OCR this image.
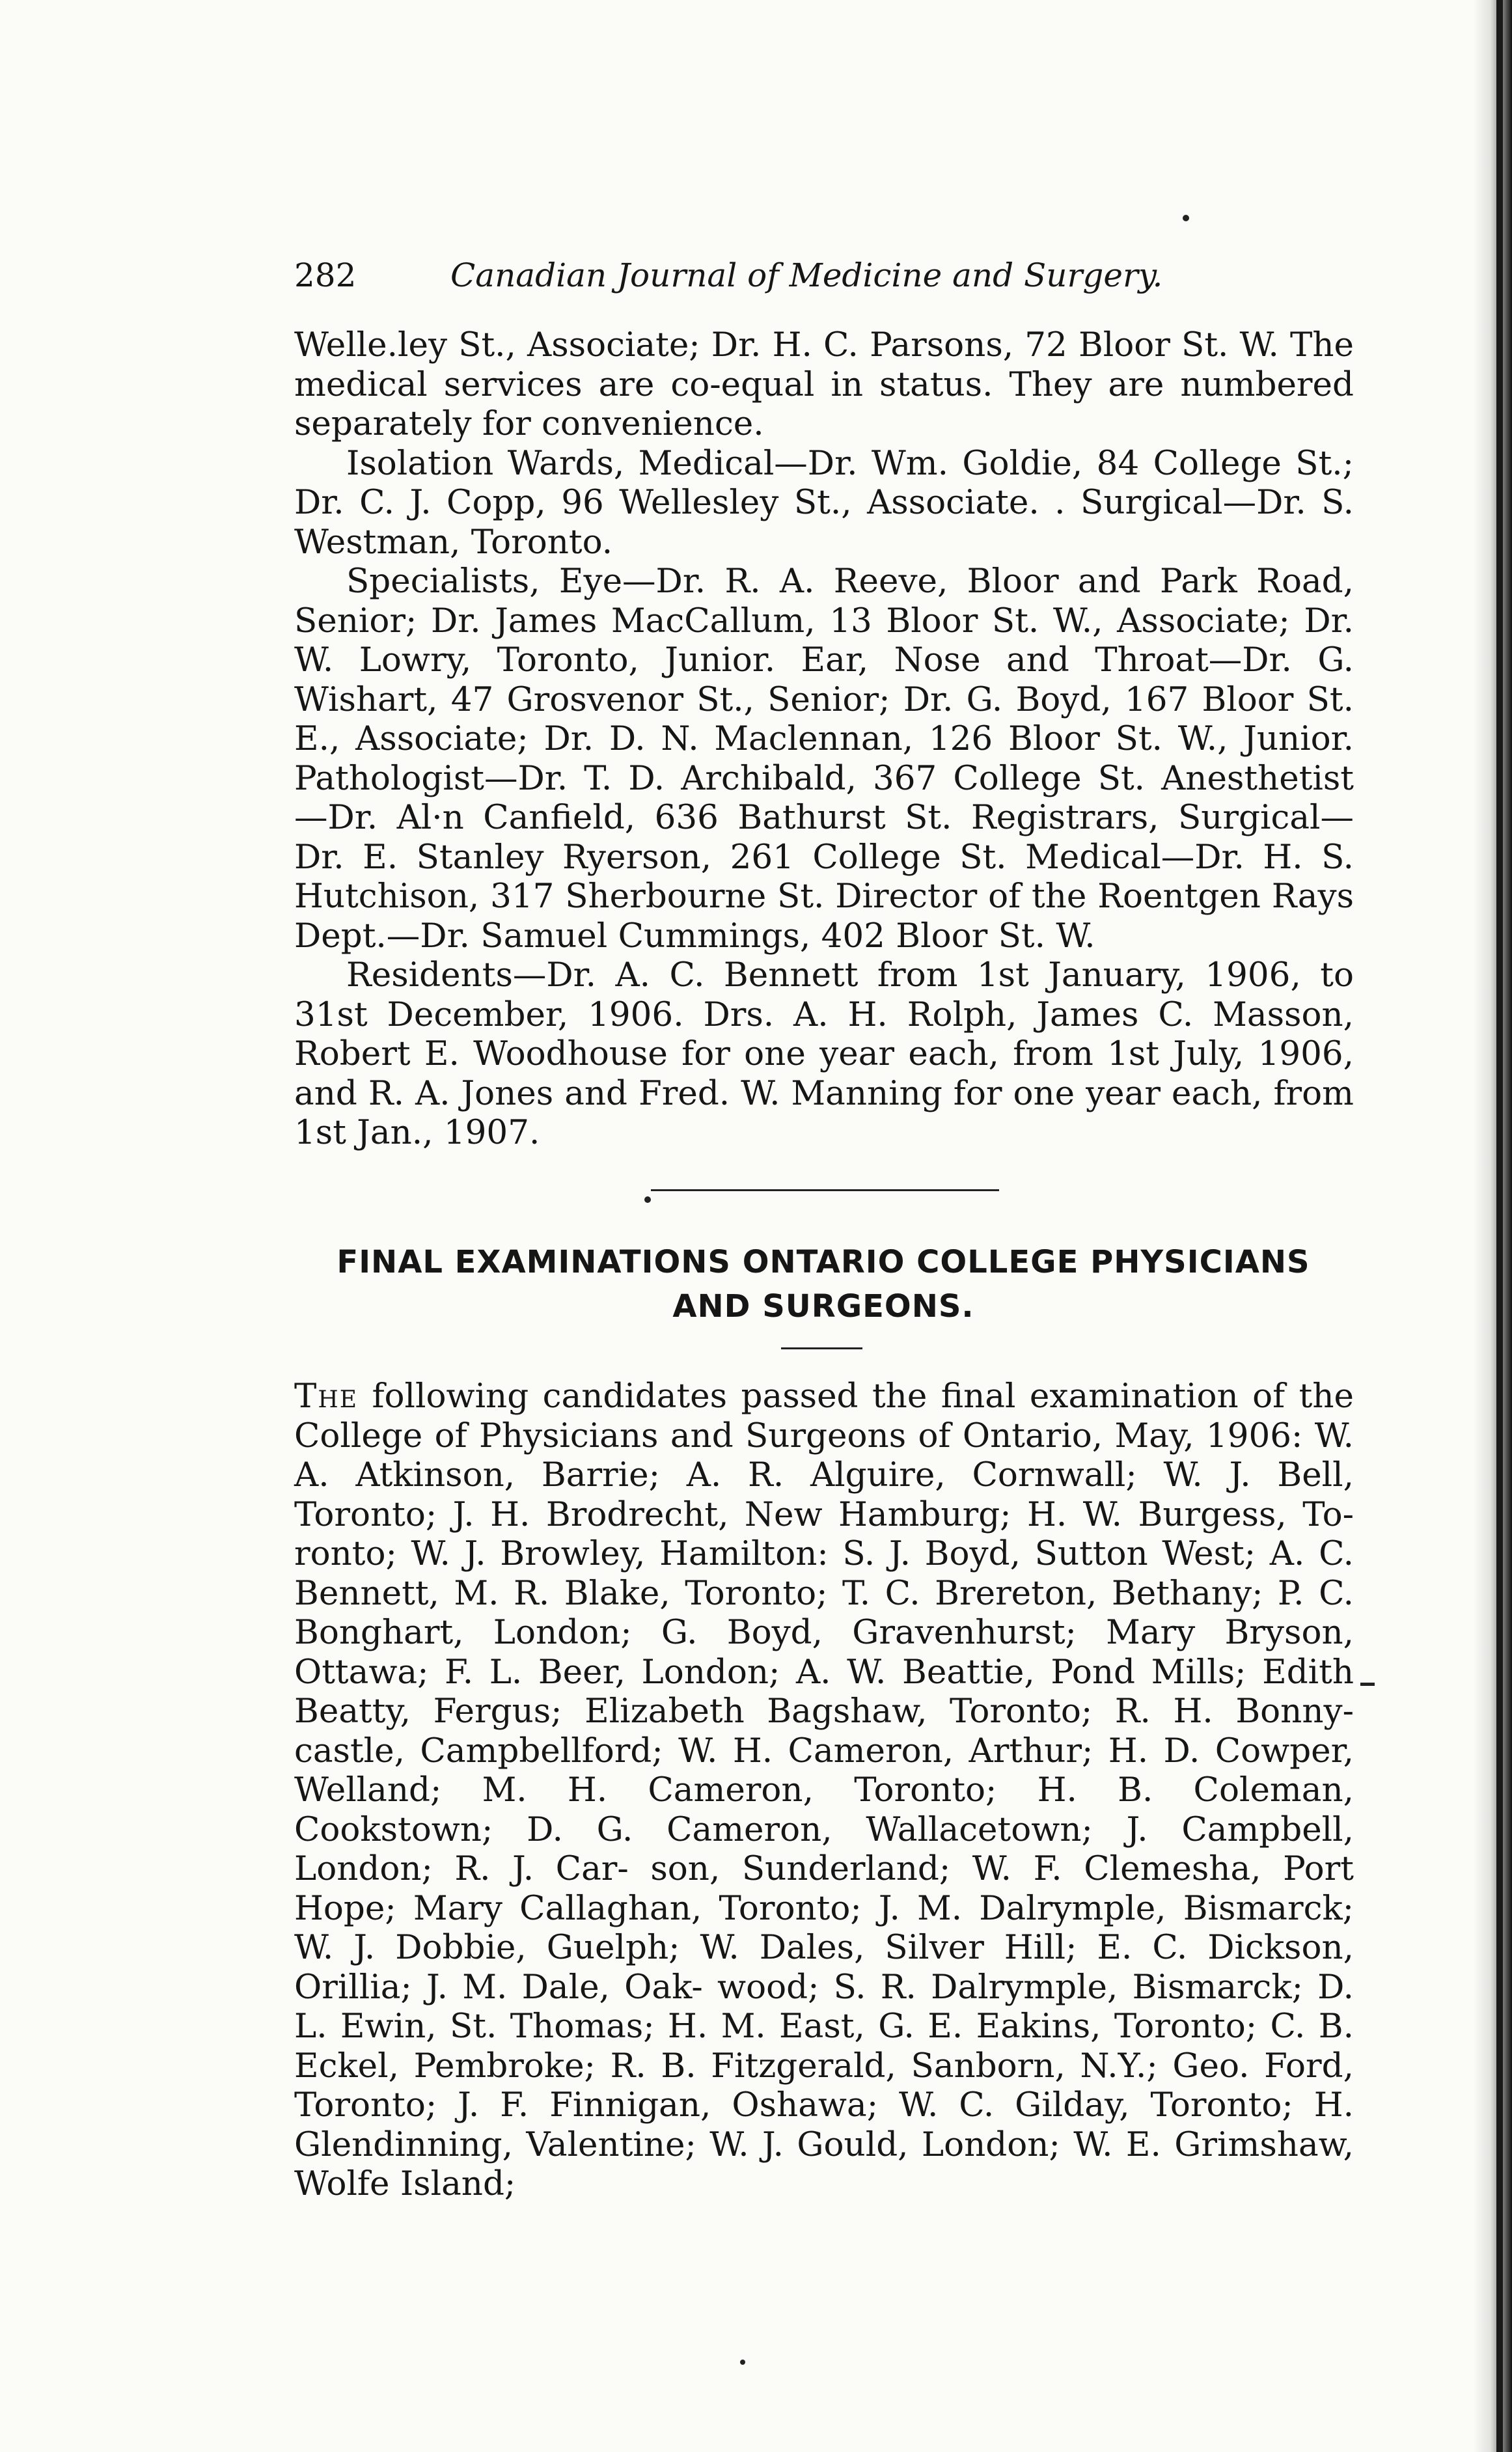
282	Canadian Journal of Medicine and Surgery.

Welle.ley St., Associate; Dr. H. C. Parsons, 72 Bloor St. W. The medical services are co-equal in status. They are numbered separately for convenience.

Isolation Wards, Medical—Dr. Wm. Goldie, 84 College St.; Dr. C. J. Copp, 96 Wellesley St., Associate. . Surgical—Dr. S. Westman, Toronto.

Specialists, Eye—Dr. R. A. Reeve, Bloor and Park Road, Senior; Dr. James MacCallum, 13 Bloor St. W., Associate; Dr. W. Lowry, Toronto, Junior. Ear, Nose and Throat—Dr. G. Wishart, 47 Grosvenor St., Senior; Dr. G. Boyd, 167 Bloor St. E., Associate; Dr. D. N. Maclennan, 126 Bloor St. W., Junior. Pathologist—Dr. T. D. Archibald, 367 College St. Anesthetist —Dr. Al·n Canfield, 636 Bathurst St. Registrars, Surgical— Dr. E. Stanley Ryerson, 261 College St. Medical—Dr. H. S. Hutchison, 317 Sherbourne St. Director of the Roentgen Rays Dept.—Dr. Samuel Cummings, 402 Bloor St. W.

Residents—Dr. A. C. Bennett from 1st January, 1906, to 31st December, 1906. Drs. A. H. Rolph, James C. Masson, Robert E. Woodhouse for one year each, from 1st July, 1906, and R. A. Jones and Fred. W. Manning for one year each, from 1st Jan., 1907.

FINAL EXAMINATIONS ONTARIO COLLEGE PHYSICIANS
AND SURGEONS.

The following candidates passed the final examination of the College of Physicians and Surgeons of Ontario, May, 1906: W. A. Atkinson, Barrie; A. R. Alguire, Cornwall; W. J. Bell, Toronto; J. H. Brodrecht, New Hamburg; H. W. Burgess, To- ronto; W. J. Browley, Hamilton: S. J. Boyd, Sutton West; A. C. Bennett, M. R. Blake, Toronto; T. C. Brereton, Bethany; P. C. Bonghart, London; G. Boyd, Gravenhurst; Mary Bryson, Ottawa; F. L. Beer, London; A. W. Beattie, Pond Mills; Edith Beatty, Fergus; Elizabeth Bagshaw, Toronto; R. H. Bonny- castle, Campbellford; W. H. Cameron, Arthur; H. D. Cowper, Welland; M. H. Cameron, Toronto; H. B. Coleman, Cookstown; D. G. Cameron, Wallacetown; J. Campbell, London; R. J. Car- son, Sunderland; W. F. Clemesha, Port Hope; Mary Callaghan, Toronto; J. M. Dalrymple, Bismarck; W. J. Dobbie, Guelph; W. Dales, Silver Hill; E. C. Dickson, Orillia; J. M. Dale, Oak- wood; S. R. Dalrymple, Bismarck; D. L. Ewin, St. Thomas; H. M. East, G. E. Eakins, Toronto; C. B. Eckel, Pembroke; R. B. Fitzgerald, Sanborn, N.Y.; Geo. Ford, Toronto; J. F. Finnigan, Oshawa; W. C. Gilday, Toronto; H. Glendinning, Valentine; W. J. Gould, London; W. E. Grimshaw, Wolfe Island;
